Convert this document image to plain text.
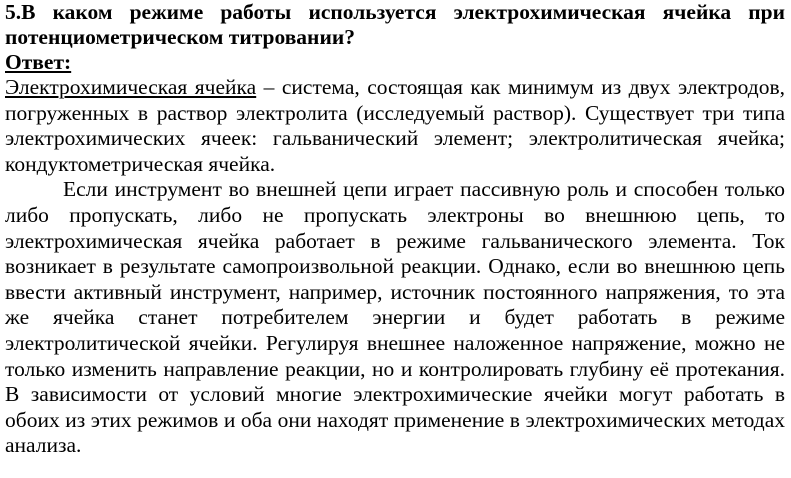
5.В каком режиме работы используется электрохимическая ячейка при потенциометрическом титровании?

Ответ:

Электрохимическая ячейка – система, состоящая как минимум из двух электродов, погруженных в раствор электролита (исследуемый раствор). Существует три типа электрохимических ячеек: гальванический элемент; электролитическая ячейка; кондуктометрическая ячейка.

Если инструмент во внешней цепи играет пассивную роль и способен только либо пропускать, либо не пропускать электроны во внешнюю цепь, то электрохимическая ячейка работает в режиме гальванического элемента. Ток возникает в результате самопроизвольной реакции. Однако, если во внешнюю цепь ввести активный инструмент, например, источник постоянного напряжения, то эта же ячейка станет потребителем энергии и будет работать в режиме электролитической ячейки. Регулируя внешнее наложенное напряжение, можно не только изменить направление реакции, но и контролировать глубину её протекания. В зависимости от условий многие электрохимические ячейки могут работать в обоих из этих режимов и оба они находят применение в электрохимических методах анализа.
